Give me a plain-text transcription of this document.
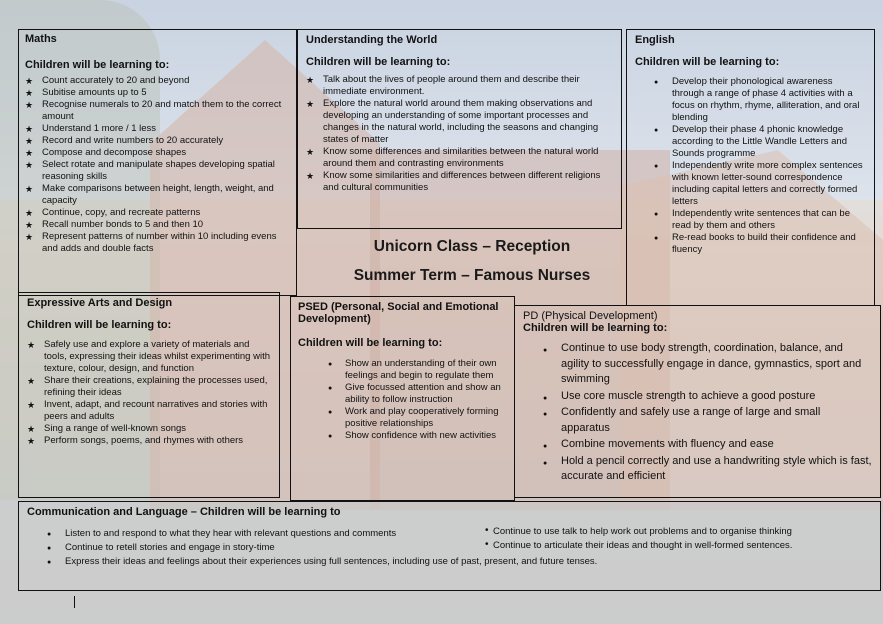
Maths

Children will be learning to:

★ Count accurately to 20 and beyond
★ Subitise amounts up to 5
★ Recognise numerals to 20 and match them to the correct amount
★ Understand 1 more / 1 less
★ Record and write numbers to 20 accurately
★ Compose and decompose shapes
★ Select rotate and manipulate shapes developing spatial reasoning skills
★ Make comparisons between height, length, weight, and capacity
★ Continue, copy, and recreate patterns
★ Recall number bonds to 5 and then 10
★ Represent patterns of number within 10 including evens and adds and double facts

Understanding the World

Children will be learning to:

★ Talk about the lives of people around them and describe their immediate environment.
★ Explore the natural world around them making observations and developing an understanding of some important processes and changes in the natural world, including the seasons and changing states of matter
★ Know some differences and similarities between the natural world around them and contrasting environments
★ Know some similarities and differences between different religions and cultural communities

English

Children will be learning to:

● Develop their phonological awareness through a range of phase 4 activities with a focus on rhythm, rhyme, alliteration, and oral blending
● Develop their phase 4 phonic knowledge according to the Little Wandle Letters and Sounds programme
● Independently write more complex sentences with known letter-sound correspondence including capital letters and correctly formed letters
● Independently write sentences that can be read by them and others
● Re-read books to build their confidence and fluency
Unicorn Class – Reception
Summer Term – Famous Nurses

Expressive Arts and Design

Children will be learning to:

★ Safely use and explore a variety of materials and tools, expressing their ideas whilst experimenting with texture, colour, design, and function
★ Share their creations, explaining the processes used, refining their ideas
★ Invent, adapt, and recount narratives and stories with peers and adults
★ Sing a range of well-known songs
★ Perform songs, poems, and rhymes with others

PSED (Personal, Social and Emotional Development)

Children will be learning to:

● Show an understanding of their own feelings and begin to regulate them
● Give focussed attention and show an ability to follow instruction
● Work and play cooperatively forming positive relationships
● Show confidence with new activities

PD (Physical Development)

Children will be learning to:

● Continue to use body strength, coordination, balance, and agility to successfully engage in dance, gymnastics, sport and swimming
● Use core muscle strength to achieve a good posture
● Confidently and safely use a range of large and small apparatus
● Combine movements with fluency and ease
● Hold a pencil correctly and use a handwriting style which is fast, accurate and efficient

Communication and Language – Children will be learning to

● Listen to and respond to what they hear with relevant questions and comments
● Continue to retell stories and engage in story-time
● Express their ideas and feelings about their experiences using full sentences, including use of past, present, and future tenses.
• Continue to use talk to help work out problems and to organise thinking
• Continue to articulate their ideas and thought in well-formed sentences.
